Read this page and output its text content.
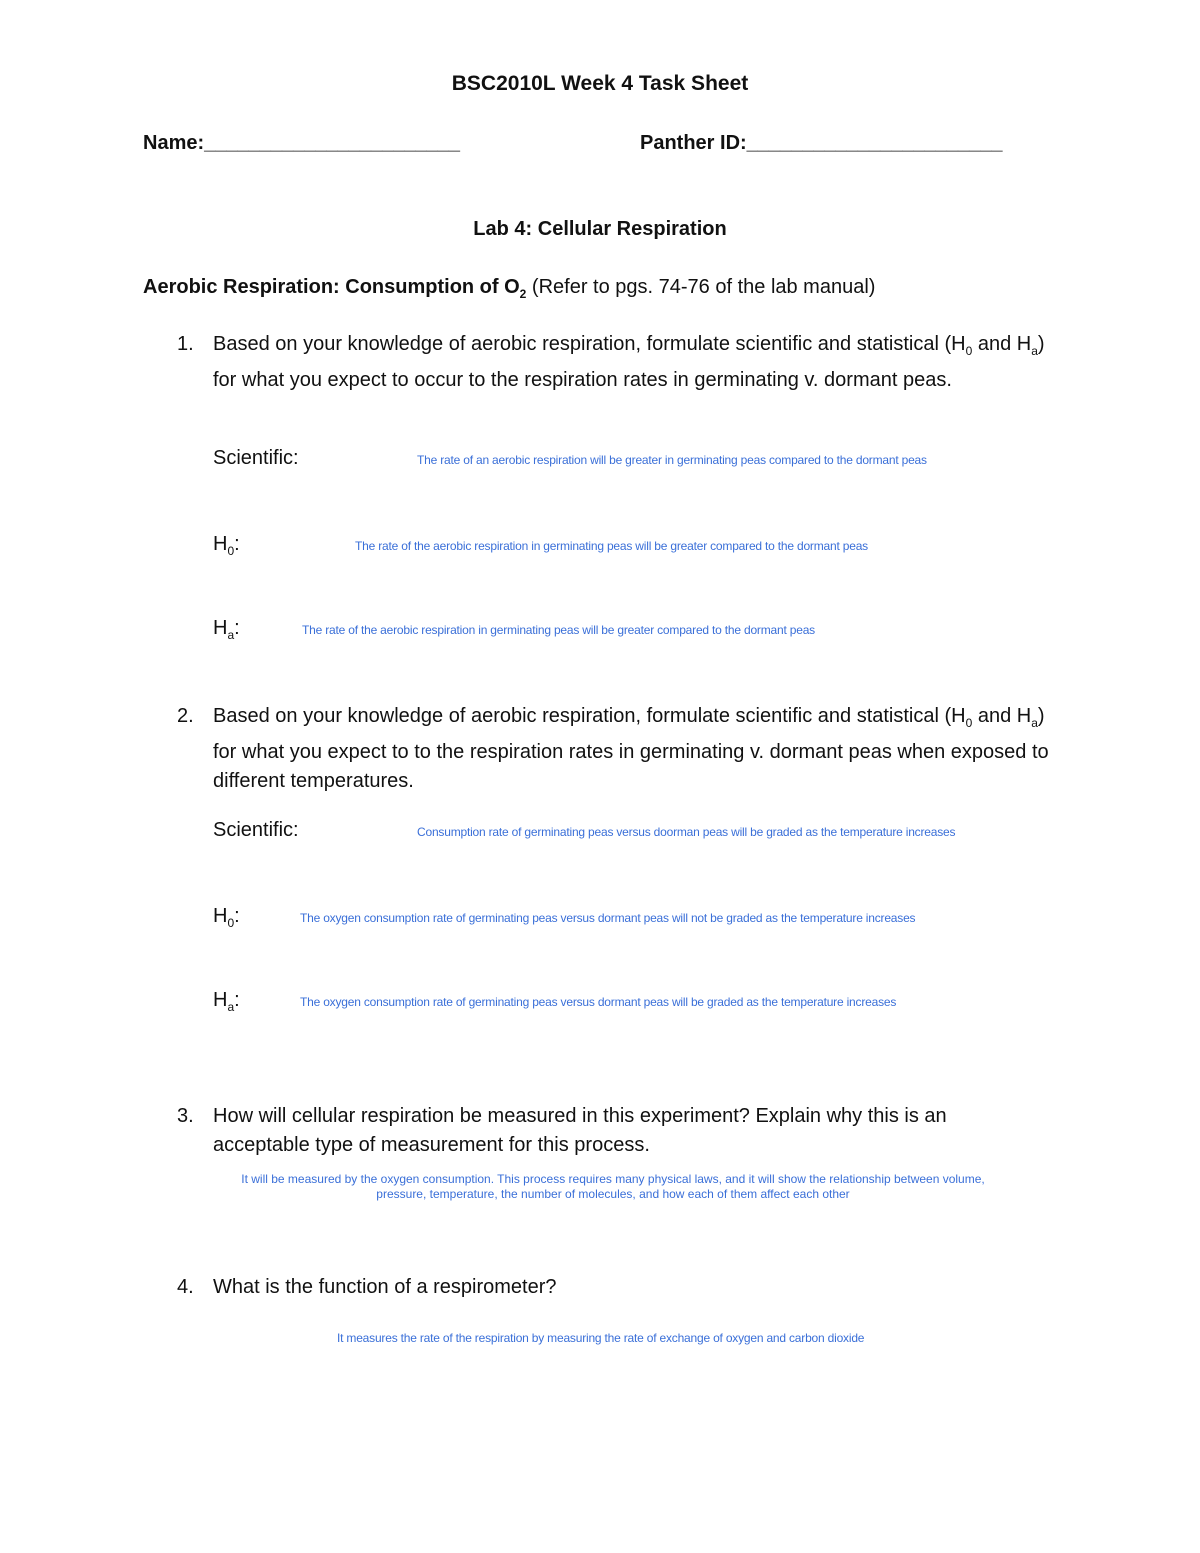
BSC2010L Week 4 Task Sheet
Name:_______________________	Panther ID:_______________________
Lab 4: Cellular Respiration
Aerobic Respiration: Consumption of $O_2$ (Refer to pgs. 74-76 of the lab manual)
1. Based on your knowledge of aerobic respiration, formulate scientific and statistical ($H_0$ and $H_a$) for what you expect to occur to the respiration rates in germinating v. dormant peas.
Scientific:	The rate of an aerobic respiration will be greater in germinating peas compared to the dormant peas
$H_0$:	The rate of the aerobic respiration in germinating peas will be greater compared to the dormant peas
$H_a$:	The rate of the aerobic respiration in germinating peas will be greater compared to the dormant peas
2. Based on your knowledge of aerobic respiration, formulate scientific and statistical ($H_0$ and $H_a$) for what you expect to to the respiration rates in germinating v. dormant peas when exposed to different temperatures.
Scientific:	Consumption rate of germinating peas versus doorman peas will be graded as the temperature increases
$H_0$:	The oxygen consumption rate of germinating peas versus dormant peas will not be graded as the temperature increases
$H_a$:	The oxygen consumption rate of germinating peas versus dormant peas will be graded as the temperature increases
3. How will cellular respiration be measured in this experiment? Explain why this is an acceptable type of measurement for this process.
It will be measured by the oxygen consumption. This process requires many physical laws, and it will show the relationship between volume,
pressure, temperature, the number of molecules, and how each of them affect each other
4. What is the function of a respirometer?
It measures the rate of the respiration by measuring the rate of exchange of oxygen and carbon dioxide
